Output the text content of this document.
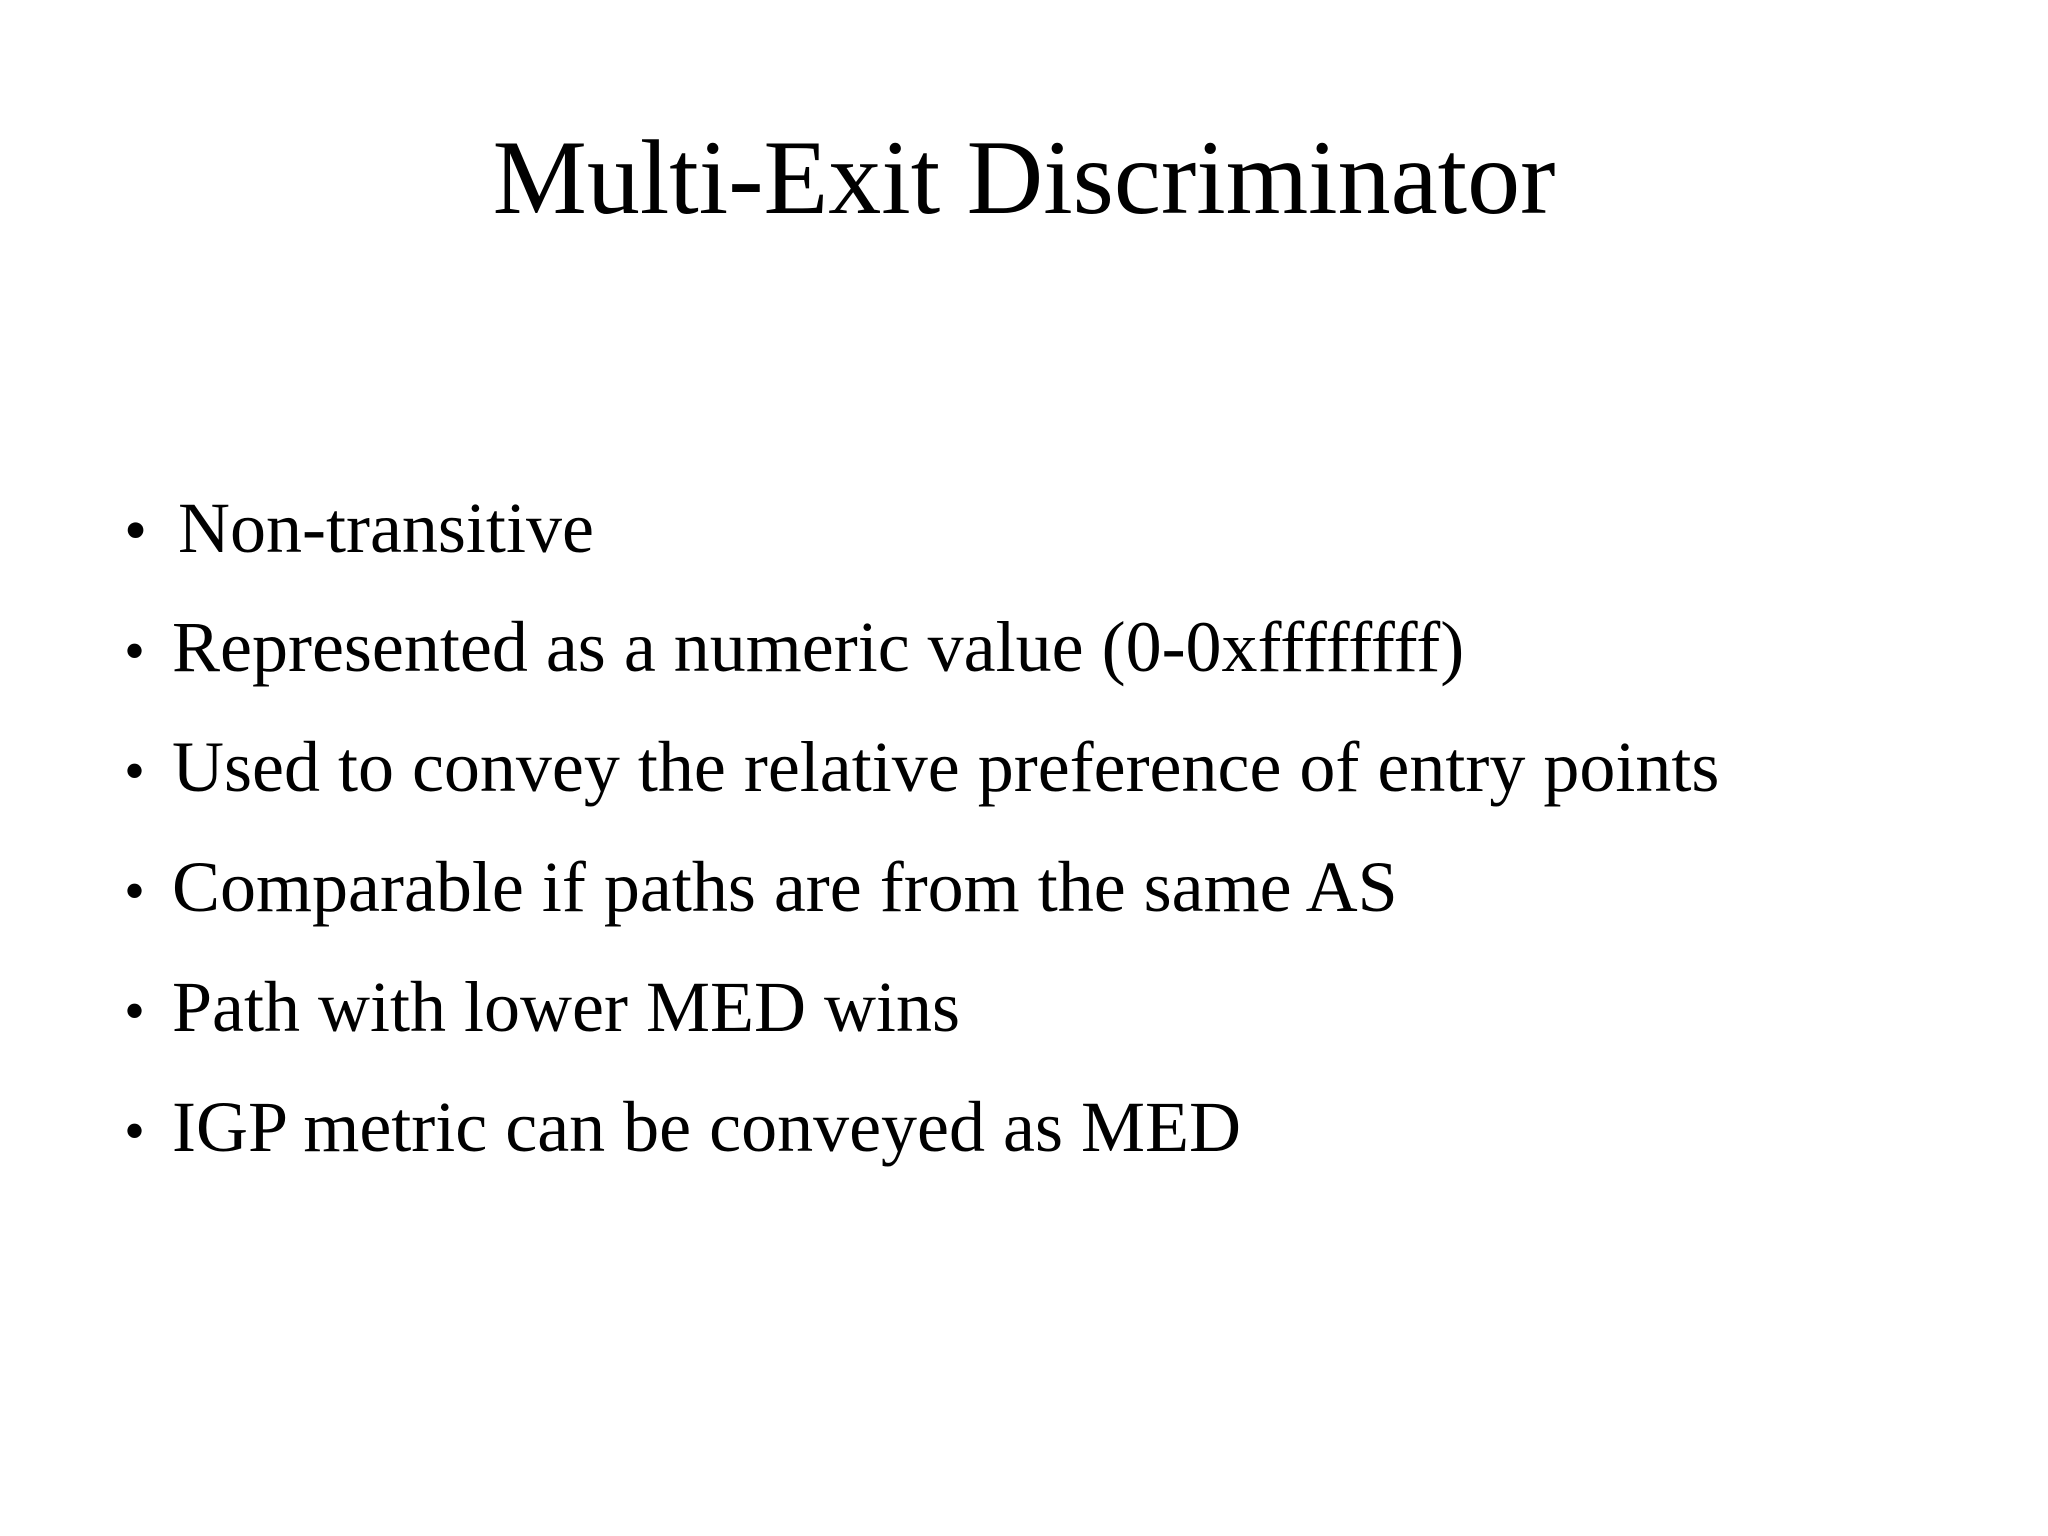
Multi-Exit Discriminator
• Non-transitive
• Represented as a numeric value (0-0xffffffff)
• Used to convey the relative preference of entry points
• Comparable if paths are from the same AS
• Path with lower MED wins
• IGP metric can be conveyed as MED
